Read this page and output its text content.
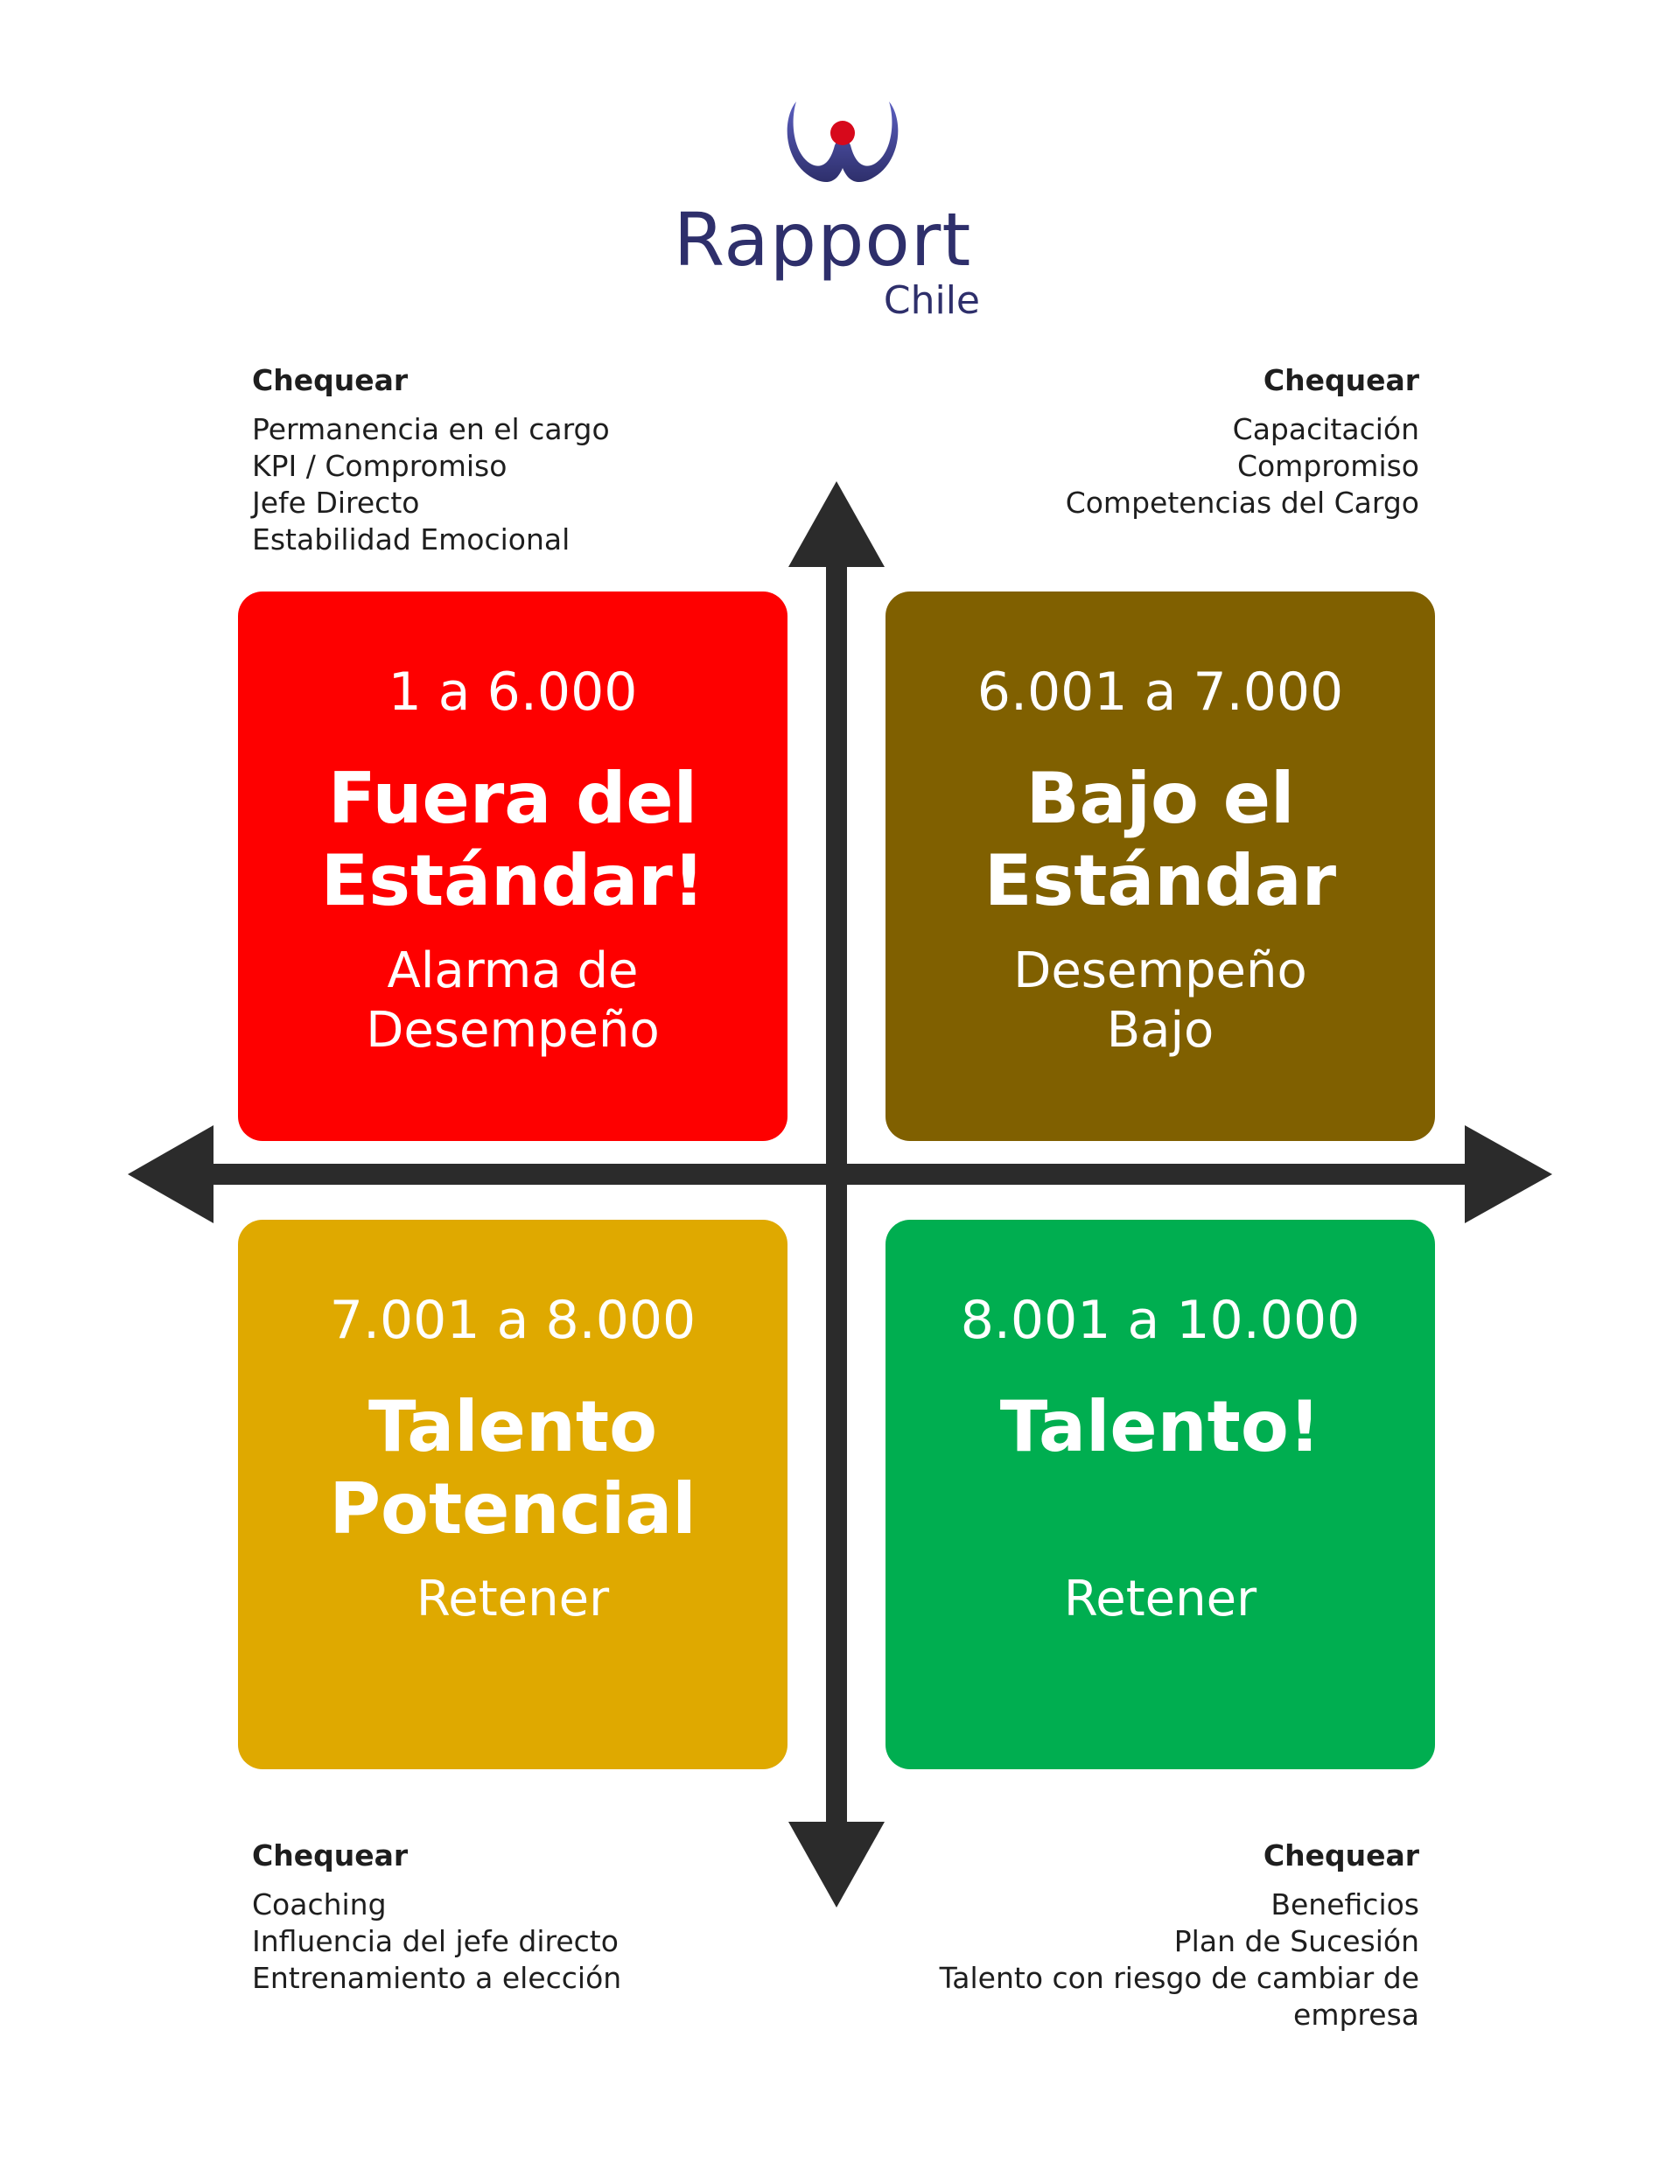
Rapport
Chile
Chequear
Permanencia en el cargo
KPI / Compromiso
Jefe Directo
Estabilidad Emocional
Chequear
Capacitación
Compromiso
Competencias del Cargo
1 a 6.000
Fuera del
Estándar!
Alarma de
Desempeño
6.001 a 7.000
Bajo el
Estándar
Desempeño
Bajo
7.001 a 8.000
Talento
Potencial
Retener
8.001 a 10.000
Talento!
Retener
Chequear
Coaching
Influencia del jefe directo
Entrenamiento a elección
Chequear
Beneficios
Plan de Sucesión
Talento con riesgo de cambiar de
empresa
